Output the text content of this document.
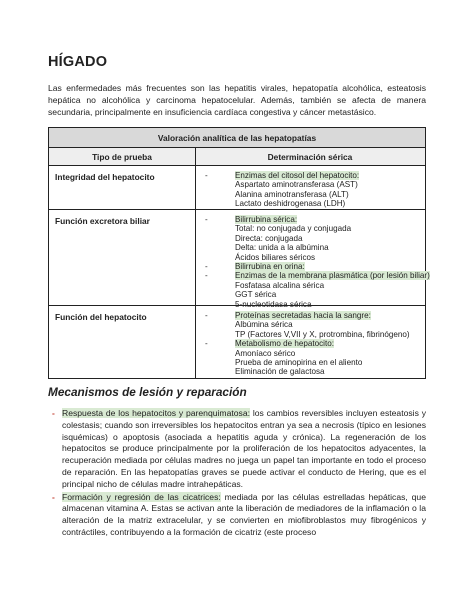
HÍGADO

Las enfermedades más frecuentes son las hepatitis virales, hepatopatía alcohólica, esteatosis hepática no alcohólica y carcinoma hepatocelular. Además, también se afecta de manera secundaria, principalmente en insuficiencia cardíaca congestiva y cáncer metastásico.

Valoración analítica de las hepatopatías
Tipo de prueba	Determinación sérica
Integridad del hepatocito	-	Enzimas del citosol del hepatocito:
Aspartato aminotransferasa (AST)
Alanina aminotransferasa (ALT)
Lactato deshidrogenasa (LDH)
Función excretora biliar	-	Bilirrubina sérica:
Total: no conjugada y conjugada
Directa: conjugada
Delta: unida a la albúmina
Ácidos biliares séricos
-	Bilirrubina en orina:
-	Enzimas de la membrana plasmática (por lesión biliar)
Fosfatasa alcalina sérica
GGT sérica
5-nucleotidasa sérica
Función del hepatocito	-	Proteínas secretadas hacia la sangre:
Albúmina sérica
TP (Factores V,VII y X, protrombina, fibrinógeno)
-	Metabolismo de hepatocito:
Amoníaco sérico
Prueba de aminopirina en el aliento
Eliminación de galactosa
Mecanismos de lesión y reparación

- Respuesta de los hepatocitos y parenquimatosa: los cambios reversibles incluyen esteatosis y colestasis; cuando son irreversibles los hepatocitos entran ya sea a necrosis (típico en lesiones isquémicas) o apoptosis (asociada a hepatitis aguda y crónica). La regeneración de los hepatocitos se produce principalmente por la proliferación de los hepatocitos adyacentes, la recuperación mediada por células madres no juega un papel tan importante en todo el proceso de reparación. En las hepatopatías graves se puede activar el conducto de Hering, que es el principal nicho de células madre intrahepáticas.

- Formación y regresión de las cicatrices: mediada por las células estrelladas hepáticas, que almacenan vitamina A. Estas se activan ante la liberación de mediadores de la inflamación o la alteración de la matriz extracelular, y se convierten en miofibroblastos muy fibrogénicos y contráctiles, contribuyendo a la formación de cicatriz (este proceso
